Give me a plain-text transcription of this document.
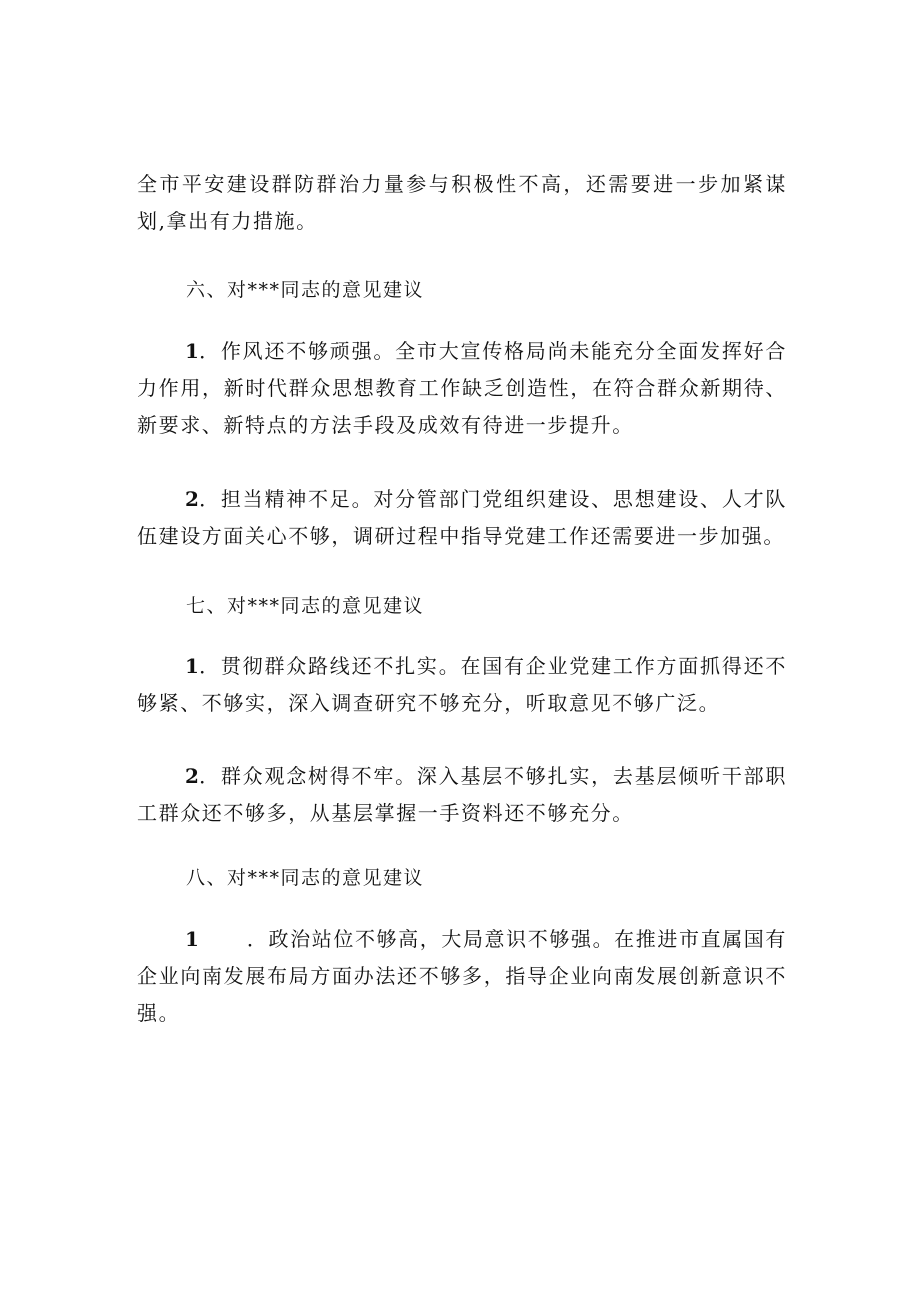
全市平安建设群防群治力量参与积极性不高，还需要进一步加紧谋划,拿出有力措施。

六、对***同志的意见建议

1．作风还不够顽强。全市大宣传格局尚未能充分全面发挥好合力作用，新时代群众思想教育工作缺乏创造性，在符合群众新期待、新要求、新特点的方法手段及成效有待进一步提升。

2．担当精神不足。对分管部门党组织建设、思想建设、人才队伍建设方面关心不够，调研过程中指导党建工作还需要进一步加强。

七、对***同志的意见建议

1．贯彻群众路线还不扎实。在国有企业党建工作方面抓得还不够紧、不够实，深入调查研究不够充分，听取意见不够广泛。

2．群众观念树得不牢。深入基层不够扎实，去基层倾听干部职工群众还不够多，从基层掌握一手资料还不够充分。

八、对***同志的意见建议

1 ．政治站位不够高，大局意识不够强。在推进市直属国有企业向南发展布局方面办法还不够多，指导企业向南发展创新意识不强。
